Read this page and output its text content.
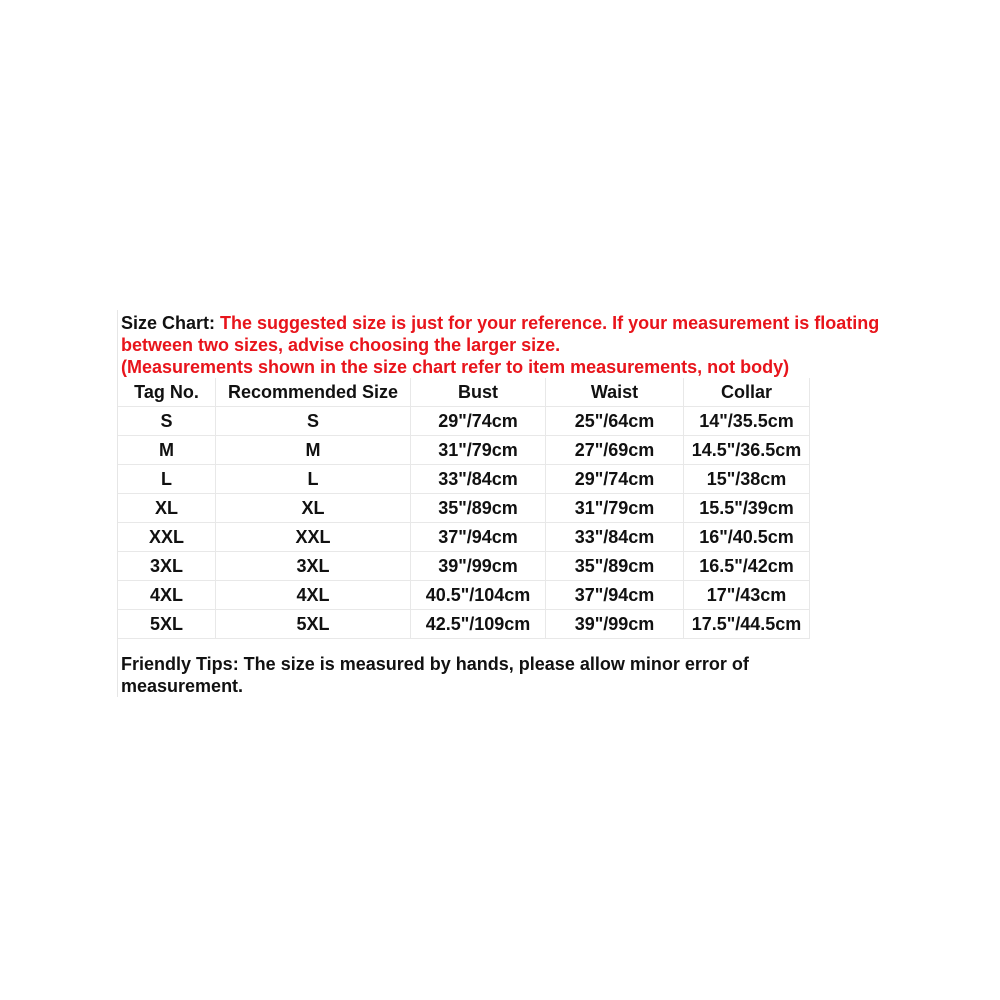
Size Chart: The suggested size is just for your reference. If your measurement is floating between two sizes, advise choosing the larger size.
(Measurements shown in the size chart refer to item measurements, not body)
Tag No.	Recommended Size	Bust	Waist	Collar
S	S	29"/74cm	25"/64cm	14"/35.5cm
M	M	31"/79cm	27"/69cm	14.5"/36.5cm
L	L	33"/84cm	29"/74cm	15"/38cm
XL	XL	35"/89cm	31"/79cm	15.5"/39cm
XXL	XXL	37"/94cm	33"/84cm	16"/40.5cm
3XL	3XL	39"/99cm	35"/89cm	16.5"/42cm
4XL	4XL	40.5"/104cm	37"/94cm	17"/43cm
5XL	5XL	42.5"/109cm	39"/99cm	17.5"/44.5cm
Friendly Tips: The size is measured by hands, please allow minor error of measurement.
